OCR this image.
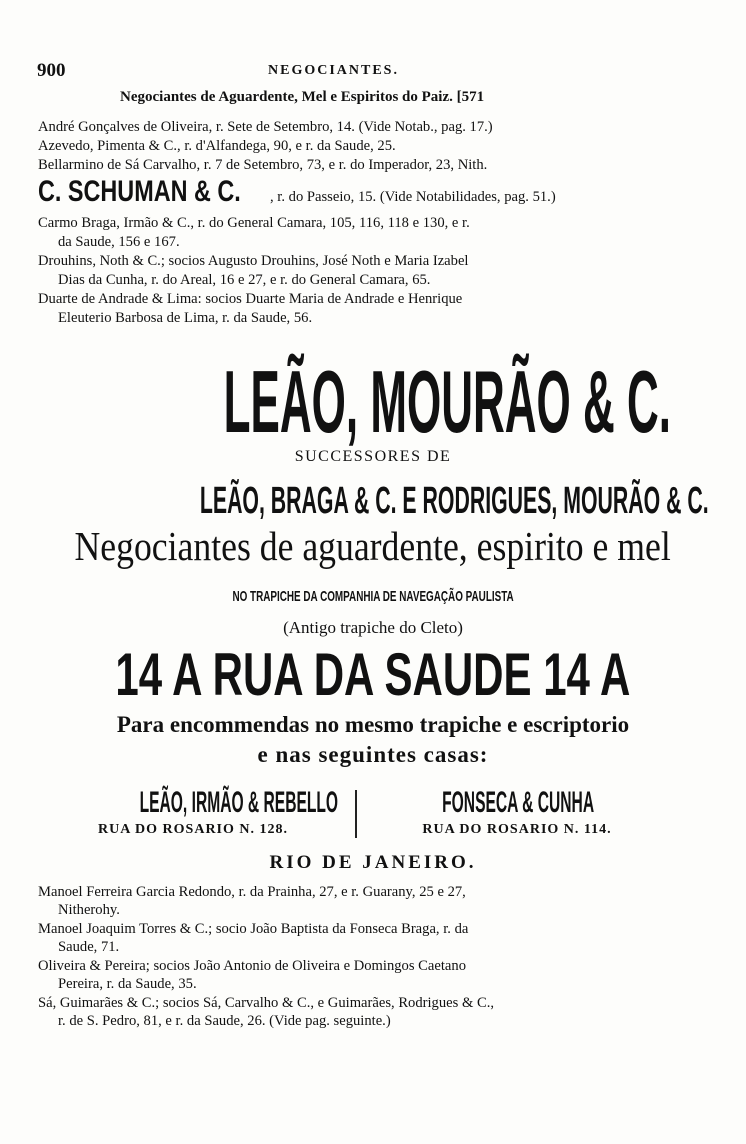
900	NEGOCIANTES.
Negociantes de Aguardente, Mel e Espiritos do Paiz. [571
André Gonçalves de Oliveira, r. Sete de Setembro, 14. (Vide Notab., pag. 17.)
Azevedo, Pimenta & C., r. d'Alfandega, 90, e r. da Saude, 25.
Bellarmino de Sá Carvalho, r. 7 de Setembro, 73, e r. do Imperador, 23, Nith.
C. SCHUMAN & C. , r. do Passeio, 15. (Vide Notabilidades, pag. 51.)
Carmo Braga, Irmão & C., r. do General Camara, 105, 116, 118 e 130, e r.
da Saude, 156 e 167.
Drouhins, Noth & C.; socios Augusto Drouhins, José Noth e Maria Izabel
Dias da Cunha, r. do Areal, 16 e 27, e r. do General Camara, 65.
Duarte de Andrade & Lima: socios Duarte Maria de Andrade e Henrique
Eleuterio Barbosa de Lima, r. da Saude, 56.
LEÃO, MOURÃO & C.
SUCCESSORES DE
LEÃO, BRAGA & C. E RODRIGUES, MOURÃO & C.
Negociantes de aguardente, espirito e mel
NO TRAPICHE DA COMPANHIA DE NAVEGAÇÃO PAULISTA
(Antigo trapiche do Cleto)
14 A RUA DA SAUDE 14 A
Para encommendas no mesmo trapiche e escriptorio
e nas seguintes casas:
LEÃO, IRMÃO & REBELLO
RUA DO ROSARIO N. 128.
FONSECA & CUNHA
RUA DO ROSARIO N. 114.
RIO DE JANEIRO.
Manoel Ferreira Garcia Redondo, r. da Prainha, 27, e r. Guarany, 25 e 27,
Nitherohy.
Manoel Joaquim Torres & C.; socio João Baptista da Fonseca Braga, r. da
Saude, 71.
Oliveira & Pereira; socios João Antonio de Oliveira e Domingos Caetano
Pereira, r. da Saude, 35.
Sá, Guimarães & C.; socios Sá, Carvalho & C., e Guimarães, Rodrigues & C.,
r. de S. Pedro, 81, e r. da Saude, 26. (Vide pag. seguinte.)
